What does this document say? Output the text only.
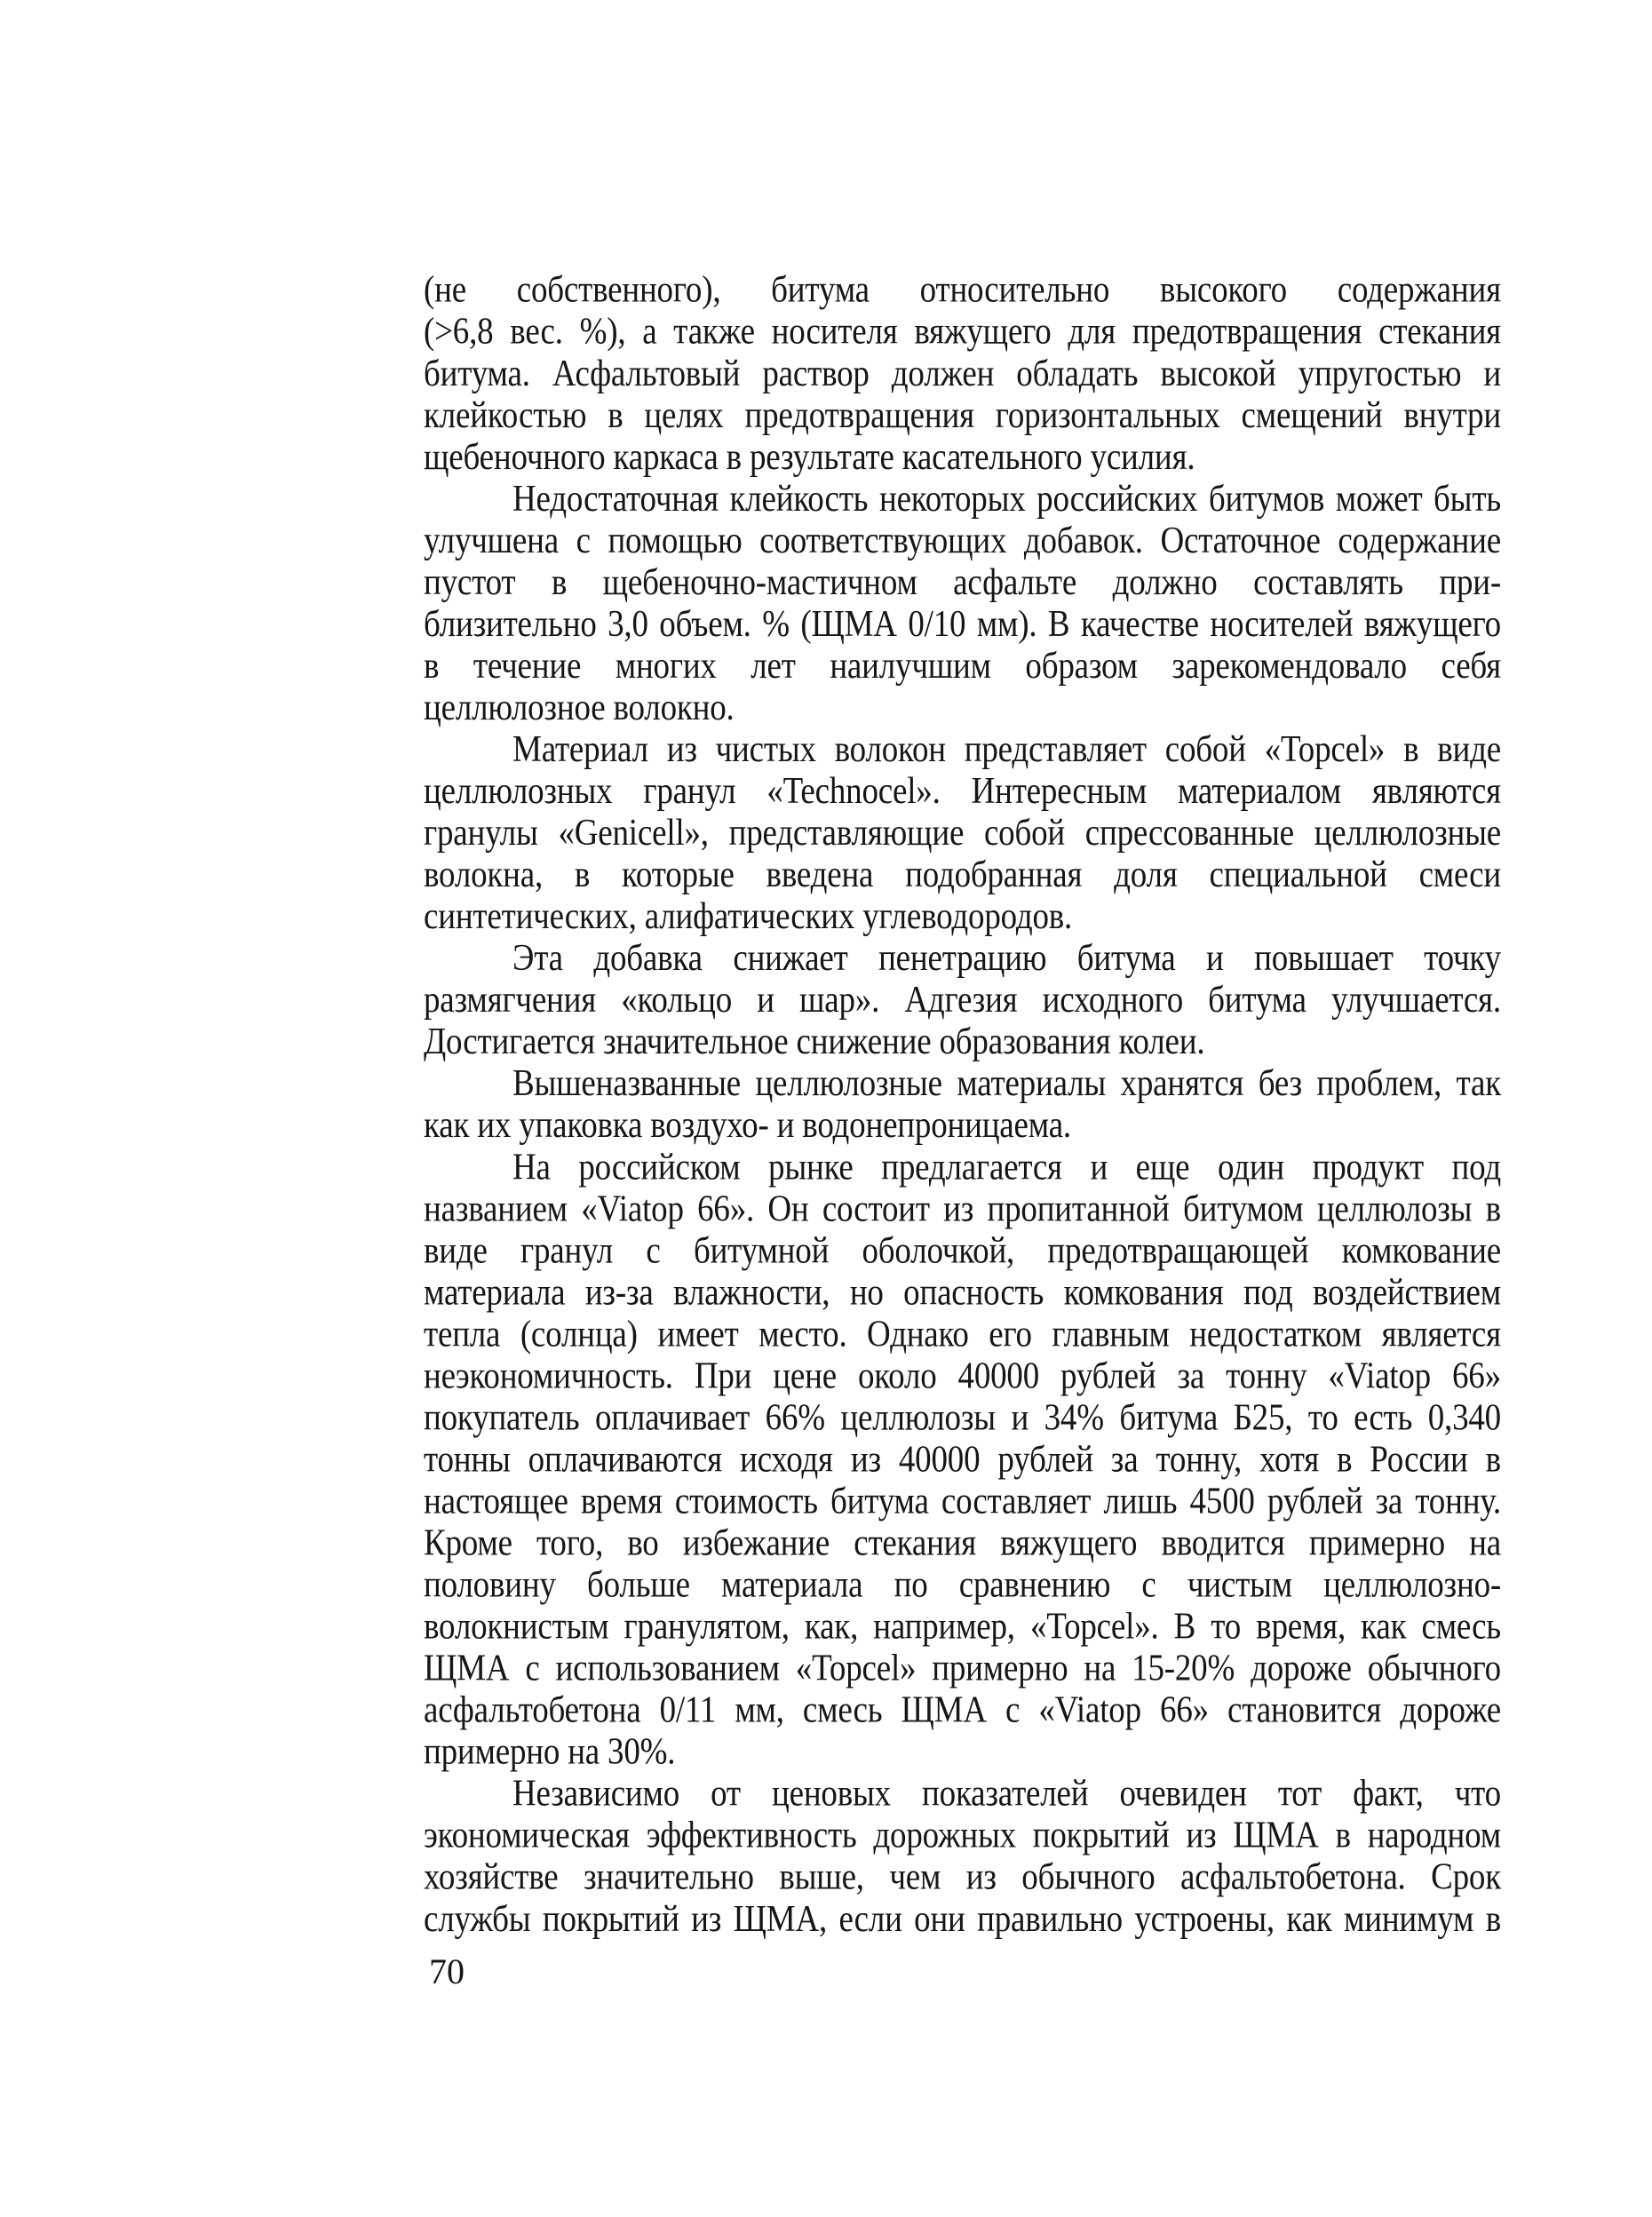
(не собственного), битума относительно высокого содержания
(>6,8 вес. %), а также носителя вяжущего для предотвращения стекания
битума. Асфальтовый раствор должен обладать высокой упругостью и
клейкостью в целях предотвращения горизонтальных смещений внутри
щебеночного каркаса в результате касательного усилия.
Недостаточная клейкость некоторых российских битумов может быть
улучшена с помощью соответствующих добавок. Остаточное содержание
пустот в щебеночно-мастичном асфальте должно составлять при-
близительно 3,0 объем. % (ЩМА 0/10 мм). В качестве носителей вяжущего
в течение многих лет наилучшим образом зарекомендовало себя
целлюлозное волокно.
Материал из чистых волокон представляет собой «Topcel» в виде
целлюлозных гранул «Technocel». Интересным материалом являются
гранулы «Genicell», представляющие собой спрессованные целлюлозные
волокна, в которые введена подобранная доля специальной смеси
синтетических, алифатических углеводородов.
Эта добавка снижает пенетрацию битума и повышает точку
размягчения «кольцо и шар». Адгезия исходного битума улучшается.
Достигается значительное снижение образования колеи.
Вышеназванные целлюлозные материалы хранятся без проблем, так
как их упаковка воздухо- и водонепроницаема.
На российском рынке предлагается и еще один продукт под
названием «Viatop 66». Он состоит из пропитанной битумом целлюлозы в
виде гранул с битумной оболочкой, предотвращающей комкование
материала из-за влажности, но опасность комкования под воздействием
тепла (солнца) имеет место. Однако его главным недостатком является
неэкономичность. При цене около 40000 рублей за тонну «Viatop 66»
покупатель оплачивает 66% целлюлозы и 34% битума Б25, то есть 0,340
тонны оплачиваются исходя из 40000 рублей за тонну, хотя в России в
настоящее время стоимость битума составляет лишь 4500 рублей за тонну.
Кроме того, во избежание стекания вяжущего вводится примерно на
половину больше материала по сравнению с чистым целлюлозно-
волокнистым гранулятом, как, например, «Topcel». В то время, как смесь
ЩМА с использованием «Topcel» примерно на 15-20% дороже обычного
асфальтобетона 0/11 мм, смесь ЩМА с «Viatop 66» становится дороже
примерно на 30%.
Независимо от ценовых показателей очевиден тот факт, что
экономическая эффективность дорожных покрытий из ЩМА в народном
хозяйстве значительно выше, чем из обычного асфальтобетона. Срок
службы покрытий из ЩМА, если они правильно устроены, как минимум в
70
